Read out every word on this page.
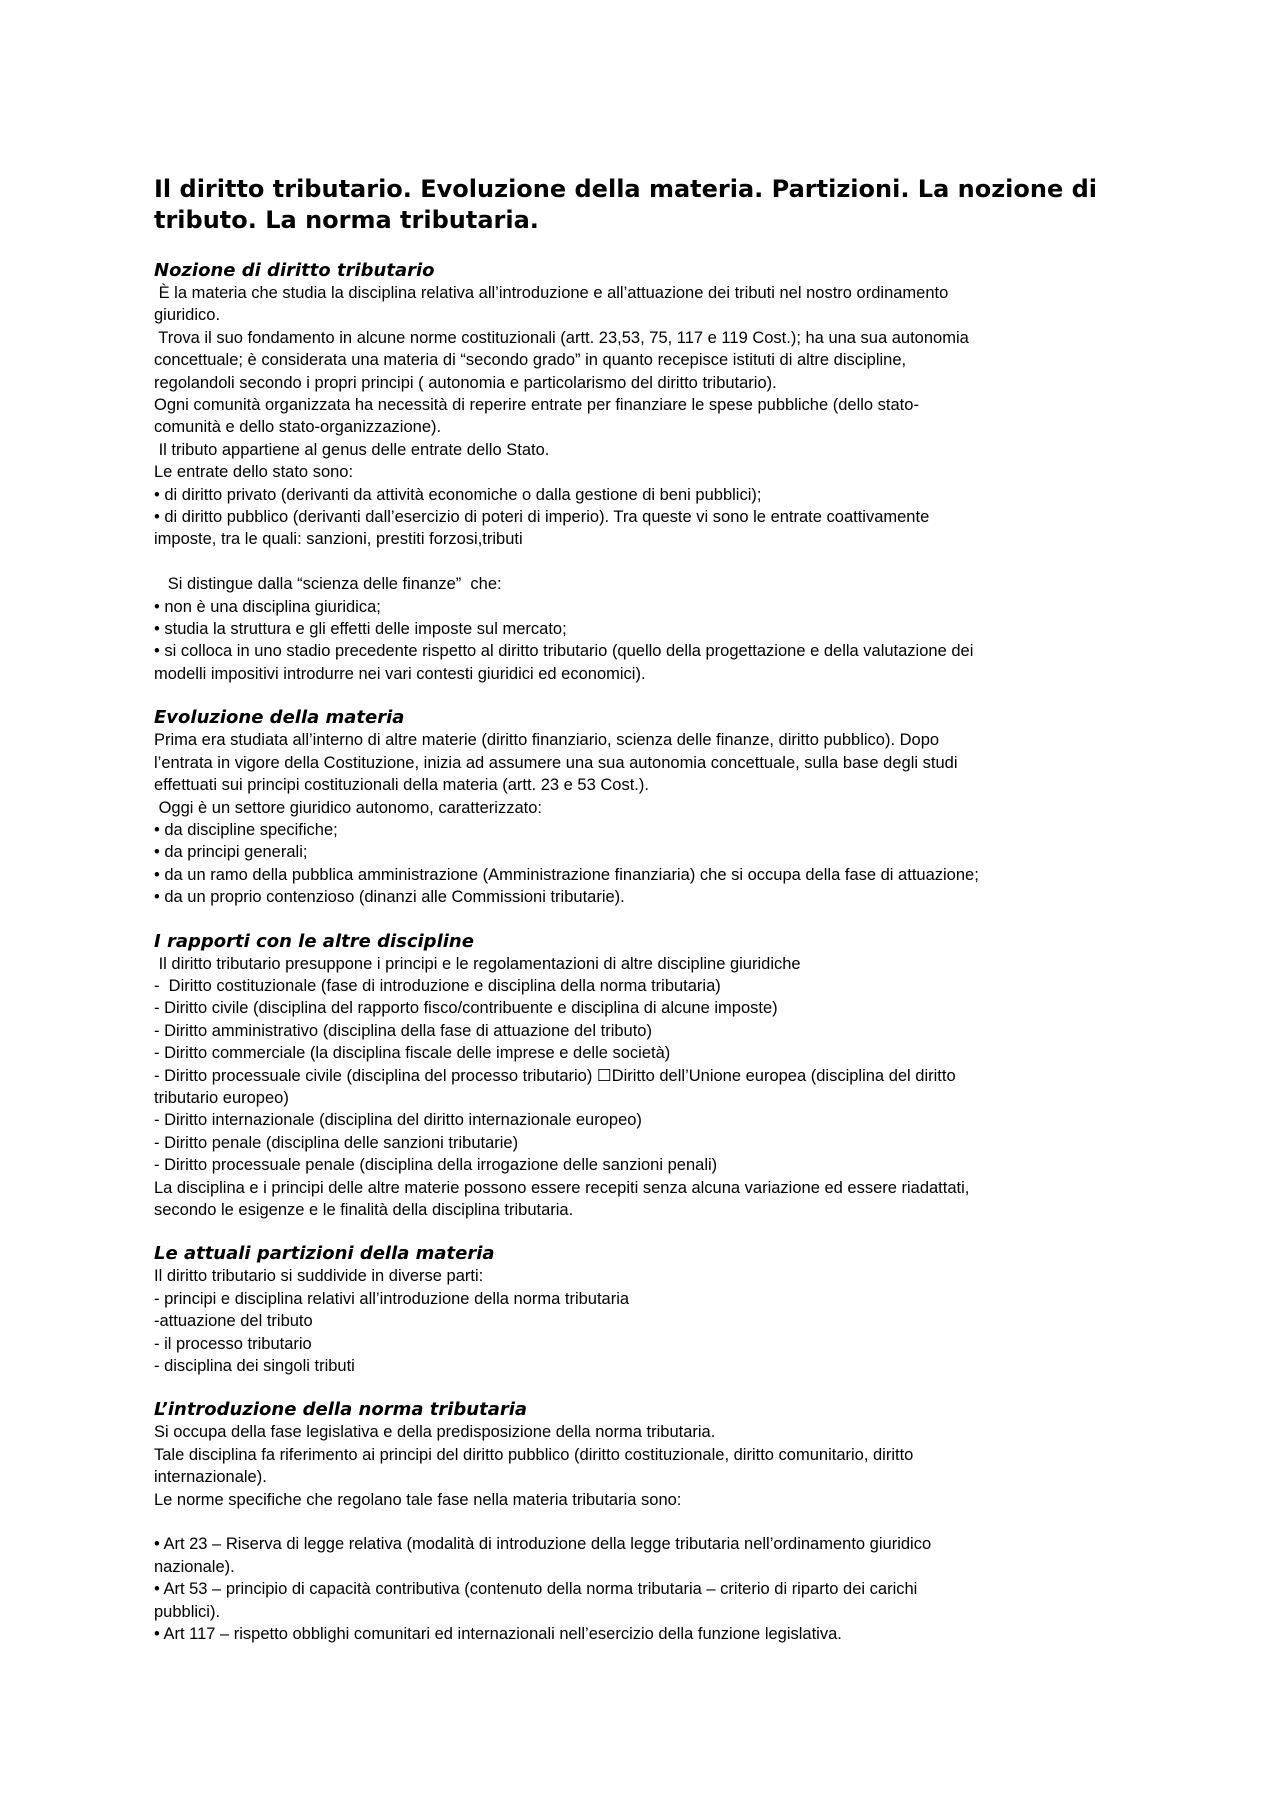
Il diritto tributario. Evoluzione della materia. Partizioni. La nozione di
tributo. La norma tributaria.
Nozione di diritto tributario
È la materia che studia la disciplina relativa all’introduzione e all’attuazione dei tributi nel nostro ordinamento
giuridico.
Trova il suo fondamento in alcune norme costituzionali (artt. 23,53, 75, 117 e 119 Cost.); ha una sua autonomia
concettuale; è considerata una materia di “secondo grado” in quanto recepisce istituti di altre discipline,
regolandoli secondo i propri principi ( autonomia e particolarismo del diritto tributario).
Ogni comunità organizzata ha necessità di reperire entrate per finanziare le spese pubbliche (dello stato-
comunità e dello stato-organizzazione).
Il tributo appartiene al genus delle entrate dello Stato.
Le entrate dello stato sono:
• di diritto privato (derivanti da attività economiche o dalla gestione di beni pubblici);
• di diritto pubblico (derivanti dall’esercizio di poteri di imperio). Tra queste vi sono le entrate coattivamente
imposte, tra le quali: sanzioni, prestiti forzosi,tributi
Si distingue dalla “scienza delle finanze”  che:
• non è una disciplina giuridica;
• studia la struttura e gli effetti delle imposte sul mercato;
• si colloca in uno stadio precedente rispetto al diritto tributario (quello della progettazione e della valutazione dei
modelli impositivi introdurre nei vari contesti giuridici ed economici).
Evoluzione della materia
Prima era studiata all’interno di altre materie (diritto finanziario, scienza delle finanze, diritto pubblico). Dopo
l’entrata in vigore della Costituzione, inizia ad assumere una sua autonomia concettuale, sulla base degli studi
effettuati sui principi costituzionali della materia (artt. 23 e 53 Cost.).
Oggi è un settore giuridico autonomo, caratterizzato:
• da discipline specifiche;
• da principi generali;
• da un ramo della pubblica amministrazione (Amministrazione finanziaria) che si occupa della fase di attuazione;
• da un proprio contenzioso (dinanzi alle Commissioni tributarie).
I rapporti con le altre discipline
Il diritto tributario presuppone i principi e le regolamentazioni di altre discipline giuridiche
-  Diritto costituzionale (fase di introduzione e disciplina della norma tributaria)
- Diritto civile (disciplina del rapporto fisco/contribuente e disciplina di alcune imposte)
- Diritto amministrativo (disciplina della fase di attuazione del tributo)
- Diritto commerciale (la disciplina fiscale delle imprese e delle società)
- Diritto processuale civile (disciplina del processo tributario) ☐Diritto dell’Unione europea (disciplina del diritto
tributario europeo)
- Diritto internazionale (disciplina del diritto internazionale europeo)
- Diritto penale (disciplina delle sanzioni tributarie)
- Diritto processuale penale (disciplina della irrogazione delle sanzioni penali)
La disciplina e i principi delle altre materie possono essere recepiti senza alcuna variazione ed essere riadattati,
secondo le esigenze e le finalità della disciplina tributaria.
Le attuali partizioni della materia
Il diritto tributario si suddivide in diverse parti:
- principi e disciplina relativi all’introduzione della norma tributaria
-attuazione del tributo
- il processo tributario
- disciplina dei singoli tributi
L’introduzione della norma tributaria
Si occupa della fase legislativa e della predisposizione della norma tributaria.
Tale disciplina fa riferimento ai principi del diritto pubblico (diritto costituzionale, diritto comunitario, diritto
internazionale).
Le norme specifiche che regolano tale fase nella materia tributaria sono:
• Art 23 – Riserva di legge relativa (modalità di introduzione della legge tributaria nell’ordinamento giuridico
nazionale).
• Art 53 – principio di capacità contributiva (contenuto della norma tributaria – criterio di riparto dei carichi
pubblici).
• Art 117 – rispetto obblighi comunitari ed internazionali nell’esercizio della funzione legislativa.
